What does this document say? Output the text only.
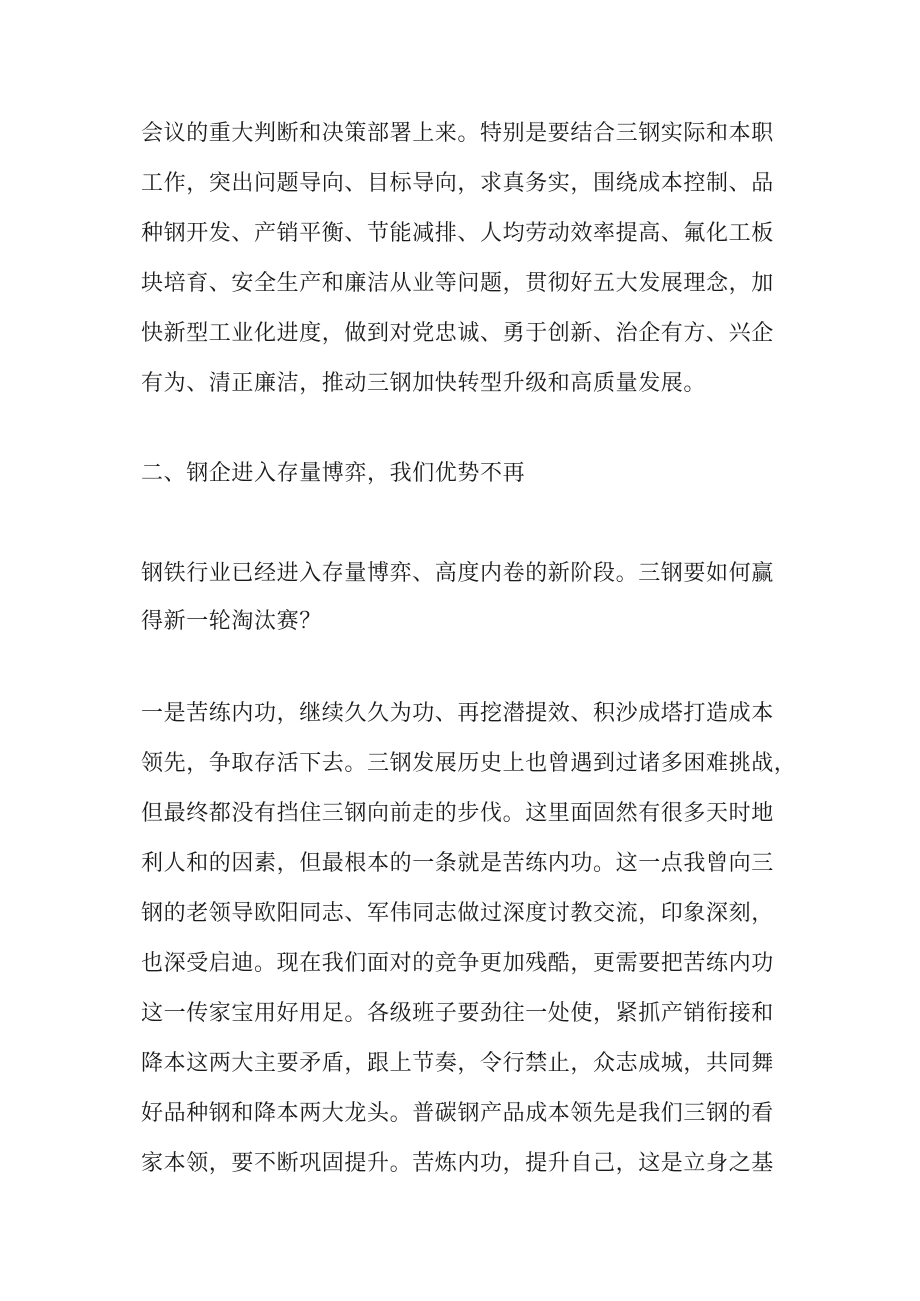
会议的重大判断和决策部署上来。特别是要结合三钢实际和本职
工作，突出问题导向、目标导向，求真务实，围绕成本控制、品
种钢开发、产销平衡、节能减排、人均劳动效率提高、氟化工板
块培育、安全生产和廉洁从业等问题，贯彻好五大发展理念，加
快新型工业化进度，做到对党忠诚、勇于创新、治企有方、兴企
有为、清正廉洁，推动三钢加快转型升级和高质量发展。
二、钢企进入存量博弈，我们优势不再
钢铁行业已经进入存量博弈、高度内卷的新阶段。三钢要如何赢
得新一轮淘汰赛？
一是苦练内功，继续久久为功、再挖潜提效、积沙成塔打造成本
领先，争取存活下去。三钢发展历史上也曾遇到过诸多困难挑战，
但最终都没有挡住三钢向前走的步伐。这里面固然有很多天时地
利人和的因素，但最根本的一条就是苦练内功。这一点我曾向三
钢的老领导欧阳同志、军伟同志做过深度讨教交流，印象深刻，
也深受启迪。现在我们面对的竞争更加残酷，更需要把苦练内功
这一传家宝用好用足。各级班子要劲往一处使，紧抓产销衔接和
降本这两大主要矛盾，跟上节奏，令行禁止，众志成城，共同舞
好品种钢和降本两大龙头。普碳钢产品成本领先是我们三钢的看
家本领，要不断巩固提升。苦炼内功，提升自己，这是立身之基
